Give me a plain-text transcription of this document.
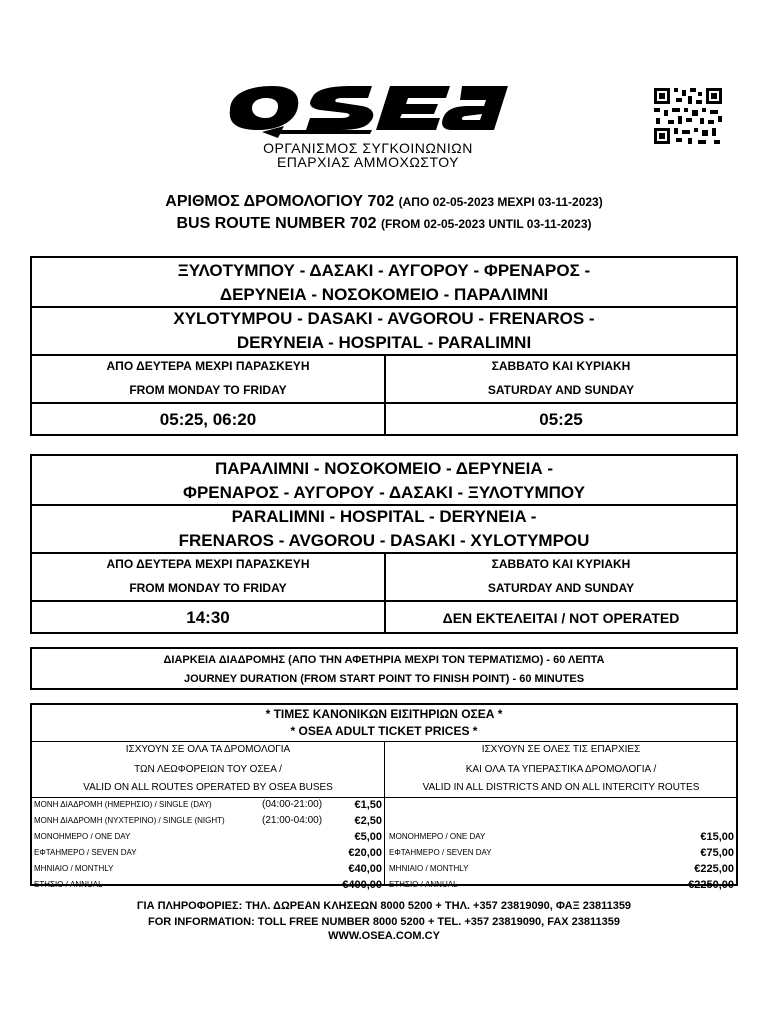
ΟΡΓΑΝΙΣΜΟΣ ΣΥΓΚΟΙΝΩΝΙΩΝ
ΕΠΑΡΧΙΑΣ ΑΜΜΟΧΩΣΤΟΥ
ΑΡΙΘΜΟΣ ΔΡΟΜΟΛΟΓΙΟΥ 702 (ΑΠΟ 02-05-2023 ΜΕΧΡΙ 03-11-2023)
BUS ROUTE NUMBER 702 (FROM 02-05-2023 UNTIL 03-11-2023)
ΞΥΛΟΤΥΜΠΟΥ - ΔΑΣΑΚΙ - ΑΥΓΟΡΟΥ - ΦΡΕΝΑΡΟΣ -
ΔΕΡΥΝΕΙΑ - ΝΟΣΟΚΟΜΕΙΟ - ΠΑΡΑΛΙΜΝΙ
XYLOTYMPOU - DASAKI - AVGOROU - FRENAROS -
DERYNEIA - HOSPITAL - PARALIMNI
ΑΠΟ ΔΕΥΤΕΡΑ ΜΕΧΡΙ ΠΑΡΑΣΚΕΥΗ
FROM MONDAY TO FRIDAY
ΣΑΒΒΑΤΟ ΚΑΙ ΚΥΡΙΑΚΗ
SATURDAY AND SUNDAY
05:25, 06:20	05:25
ΠΑΡΑΛΙΜΝΙ - ΝΟΣΟΚΟΜΕΙΟ - ΔΕΡΥΝΕΙΑ -
ΦΡΕΝΑΡΟΣ - ΑΥΓΟΡΟΥ - ΔΑΣΑΚΙ - ΞΥΛΟΤΥΜΠΟΥ
PARALIMNI - HOSPITAL - DERYNEIA -
FRENAROS - AVGOROU - DASAKI - XYLOTYMPOU
ΑΠΟ ΔΕΥΤΕΡΑ ΜΕΧΡΙ ΠΑΡΑΣΚΕΥΗ
FROM MONDAY TO FRIDAY
ΣΑΒΒΑΤΟ ΚΑΙ ΚΥΡΙΑΚΗ
SATURDAY AND SUNDAY
14:30	ΔΕΝ ΕΚΤΕΛΕΙΤΑΙ / NOT OPERATED
ΔΙΑΡΚΕΙΑ ΔΙΑΔΡΟΜΗΣ (ΑΠΟ ΤΗΝ ΑΦΕΤΗΡΙΑ ΜΕΧΡΙ ΤΟΝ ΤΕΡΜΑΤΙΣΜΟ) - 60 ΛΕΠΤΑ
JOURNEY DURATION (FROM START POINT TO FINISH POINT) - 60 MINUTES
* ΤΙΜΕΣ ΚΑΝΟΝΙΚΩΝ ΕΙΣΙΤΗΡΙΩΝ ΟΣΕΑ *
* OSEA ADULT TICKET PRICES *
ΙΣΧΥΟΥΝ ΣΕ ΟΛΑ ΤΑ ΔΡΟΜΟΛΟΓΙΑ
ΤΩΝ ΛΕΩΦΟΡΕΙΩΝ ΤΟΥ ΟΣΕΑ /
VALID ON ALL ROUTES OPERATED BY OSEA BUSES
ΙΣΧΥΟΥΝ ΣΕ ΟΛΕΣ ΤΙΣ ΕΠΑΡΧΙΕΣ
ΚΑΙ ΟΛΑ ΤΑ ΥΠΕΡΑΣΤΙΚΑ ΔΡΟΜΟΛΟΓΙΑ /
VALID IN ALL DISTRICTS AND ON ALL INTERCITY ROUTES
ΜΟΝΗ ΔΙΑΔΡΟΜΗ (ΗΜΕΡΗΣΙΟ) / SINGLE (DAY)	(04:00-21:00)	€1,50
ΜΟΝΗ ΔΙΑΔΡΟΜΗ (ΝΥΧΤΕΡΙΝΟ) / SINGLE (NIGHT)	(21:00-04:00)	€2,50
ΜΟΝΟΗΜΕΡΟ / ONE DAY	€5,00
ΕΦΤΑΗΜΕΡΟ / SEVEN DAY	€20,00
ΜΗΝΙΑΙΟ / MONTHLY	€40,00
ΕΤΗΣΙΟ / ANNUAL	€400,00
ΜΟΝΟΗΜΕΡΟ / ONE DAY	€15,00
ΕΦΤΑΗΜΕΡΟ / SEVEN DAY	€75,00
ΜΗΝΙΑΙΟ / MONTHLY	€225,00
ΕΤΗΣΙΟ / ANNUAL	€2250,00
ΓΙΑ ΠΛΗΡΟΦΟΡΙΕΣ: ΤΗΛ. ΔΩΡΕΑΝ ΚΛΗΣΕΩΝ 8000 5200 + ΤΗΛ. +357 23819090, ΦΑΞ 23811359
FOR INFORMATION: TOLL FREE NUMBER 8000 5200 + TEL. +357 23819090, FAX 23811359
WWW.OSEA.COM.CY
